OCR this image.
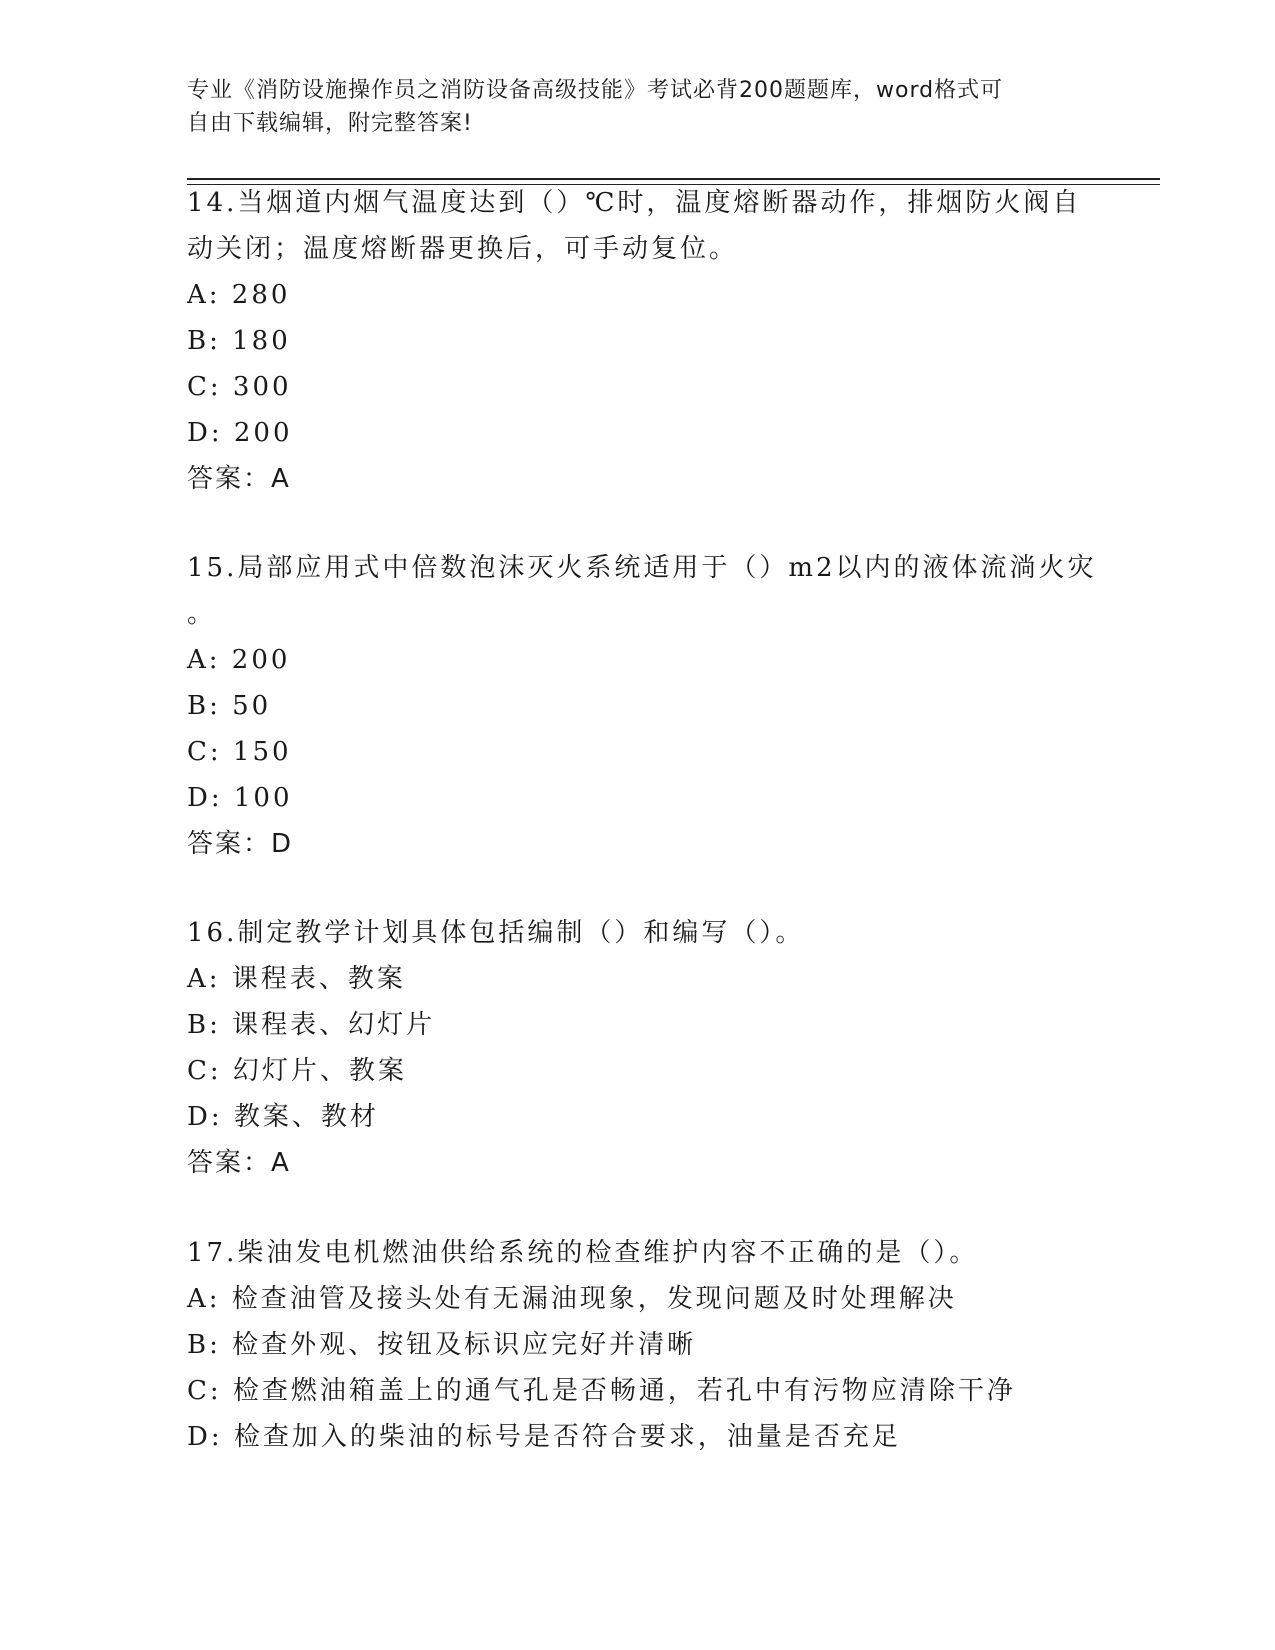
专业《消防设施操作员之消防设备高级技能》考试必背200题题库，word格式可
自由下载编辑，附完整答案!

14.当烟道内烟气温度达到（）℃时，温度熔断器动作，排烟防火阀自

动关闭；温度熔断器更换后，可手动复位。

A: 280

B: 180

C: 300

D: 200

答案：A

15.局部应用式中倍数泡沫灭火系统适用于（）m2以内的液体流淌火灾

。

A: 200

B: 50

C: 150

D: 100

答案：D

16.制定教学计划具体包括编制（）和编写（）。

A: 课程表、教案

B: 课程表、幻灯片

C: 幻灯片、教案

D: 教案、教材

答案：A

17.柴油发电机燃油供给系统的检查维护内容不正确的是（）。

A: 检查油管及接头处有无漏油现象，发现问题及时处理解决

B: 检查外观、按钮及标识应完好并清晰

C: 检查燃油箱盖上的通气孔是否畅通，若孔中有污物应清除干净

D: 检查加入的柴油的标号是否符合要求，油量是否充足
